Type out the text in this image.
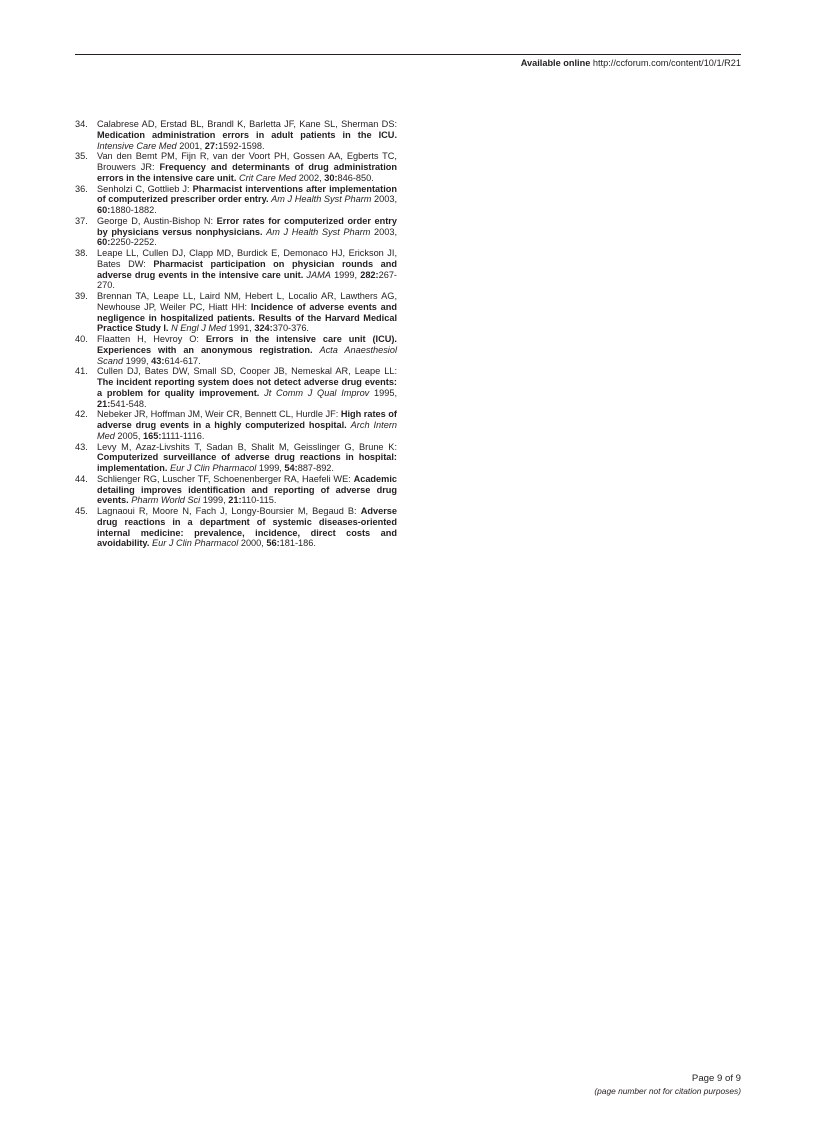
Available online http://ccforum.com/content/10/1/R21
34. Calabrese AD, Erstad BL, Brandl K, Barletta JF, Kane SL, Sherman DS: Medication administration errors in adult patients in the ICU. Intensive Care Med 2001, 27:1592-1598.
35. Van den Bemt PM, Fijn R, van der Voort PH, Gossen AA, Egberts TC, Brouwers JR: Frequency and determinants of drug administration errors in the intensive care unit. Crit Care Med 2002, 30:846-850.
36. Senholzi C, Gottlieb J: Pharmacist interventions after implementation of computerized prescriber order entry. Am J Health Syst Pharm 2003, 60:1880-1882.
37. George D, Austin-Bishop N: Error rates for computerized order entry by physicians versus nonphysicians. Am J Health Syst Pharm 2003, 60:2250-2252.
38. Leape LL, Cullen DJ, Clapp MD, Burdick E, Demonaco HJ, Erickson JI, Bates DW: Pharmacist participation on physician rounds and adverse drug events in the intensive care unit. JAMA 1999, 282:267-270.
39. Brennan TA, Leape LL, Laird NM, Hebert L, Localio AR, Lawthers AG, Newhouse JP, Weiler PC, Hiatt HH: Incidence of adverse events and negligence in hospitalized patients. Results of the Harvard Medical Practice Study I. N Engl J Med 1991, 324:370-376.
40. Flaatten H, Hevroy O: Errors in the intensive care unit (ICU). Experiences with an anonymous registration. Acta Anaesthesiol Scand 1999, 43:614-617.
41. Cullen DJ, Bates DW, Small SD, Cooper JB, Nemeskal AR, Leape LL: The incident reporting system does not detect adverse drug events: a problem for quality improvement. Jt Comm J Qual Improv 1995, 21:541-548.
42. Nebeker JR, Hoffman JM, Weir CR, Bennett CL, Hurdle JF: High rates of adverse drug events in a highly computerized hospital. Arch Intern Med 2005, 165:1111-1116.
43. Levy M, Azaz-Livshits T, Sadan B, Shalit M, Geisslinger G, Brune K: Computerized surveillance of adverse drug reactions in hospital: implementation. Eur J Clin Pharmacol 1999, 54:887-892.
44. Schlienger RG, Luscher TF, Schoenenberger RA, Haefeli WE: Academic detailing improves identification and reporting of adverse drug events. Pharm World Sci 1999, 21:110-115.
45. Lagnaoui R, Moore N, Fach J, Longy-Boursier M, Begaud B: Adverse drug reactions in a department of systemic diseases-oriented internal medicine: prevalence, incidence, direct costs and avoidability. Eur J Clin Pharmacol 2000, 56:181-186.
Page 9 of 9
(page number not for citation purposes)
